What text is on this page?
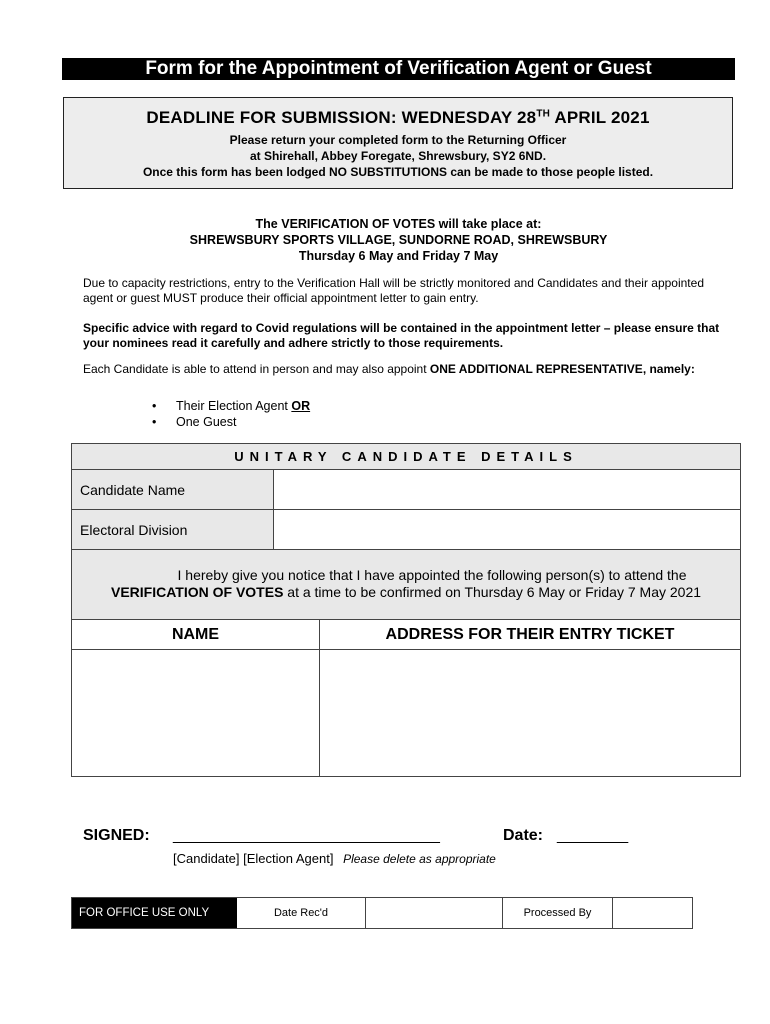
Form for the Appointment of Verification Agent or Guest
DEADLINE FOR SUBMISSION: WEDNESDAY 28TH APRIL 2021
Please return your completed form to the Returning Officer
at Shirehall, Abbey Foregate, Shrewsbury, SY2 6ND.
Once this form has been lodged NO SUBSTITUTIONS can be made to those people listed.
The VERIFICATION OF VOTES will take place at:
SHREWSBURY SPORTS VILLAGE, SUNDORNE ROAD, SHREWSBURY
Thursday 6 May and Friday 7 May
Due to capacity restrictions, entry to the Verification Hall will be strictly monitored and Candidates and their appointed agent or guest MUST produce their official appointment letter to gain entry.
Specific advice with regard to Covid regulations will be contained in the appointment letter – please ensure that your nominees read it carefully and adhere strictly to those requirements.
Each Candidate is able to attend in person and may also appoint ONE ADDITIONAL REPRESENTATIVE, namely:
• Their Election Agent OR
• One Guest
UNITARY CANDIDATE DETAILS
Candidate Name
Electoral Division
I hereby give you notice that I have appointed the following person(s) to attend the
VERIFICATION OF VOTES at a time to be confirmed on Thursday 6 May or Friday 7 May 2021
NAME	ADDRESS FOR THEIR ENTRY TICKET
SIGNED: ______________________________	Date: ________
[Candidate] [Election Agent] Please delete as appropriate
FOR OFFICE USE ONLY	Date Rec'd	Processed By
